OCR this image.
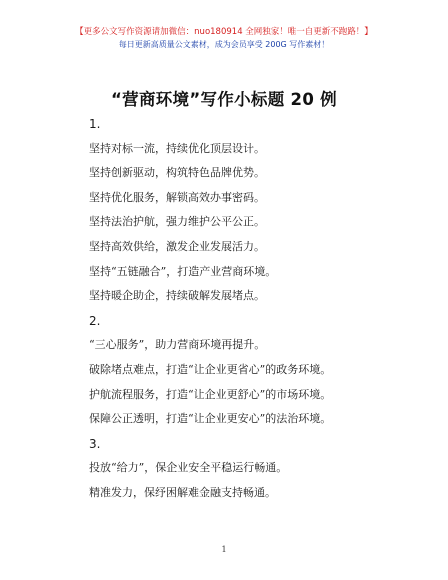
【更多公文写作资源请加微信：nuo180914 全网独家！唯一自更新不跑路！】
每日更新高质量公文素材，成为会员享受 200G 写作素材！
“营商环境”写作小标题 20 例
1.
坚持对标一流，持续优化顶层设计。
坚持创新驱动，构筑特色品牌优势。
坚持优化服务，解锁高效办事密码。
坚持法治护航，强力维护公平公正。
坚持高效供给，激发企业发展活力。
坚持“五链融合”，打造产业营商环境。
坚持暖企助企，持续破解发展堵点。
2.
“三心服务”，助力营商环境再提升。
破除堵点难点，打造“让企业更省心”的政务环境。
护航流程服务，打造“让企业更舒心”的市场环境。
保障公正透明，打造“让企业更安心”的法治环境。
3.
投放“给力”，保企业安全平稳运行畅通。
精准发力，保纾困解难金融支持畅通。
1
